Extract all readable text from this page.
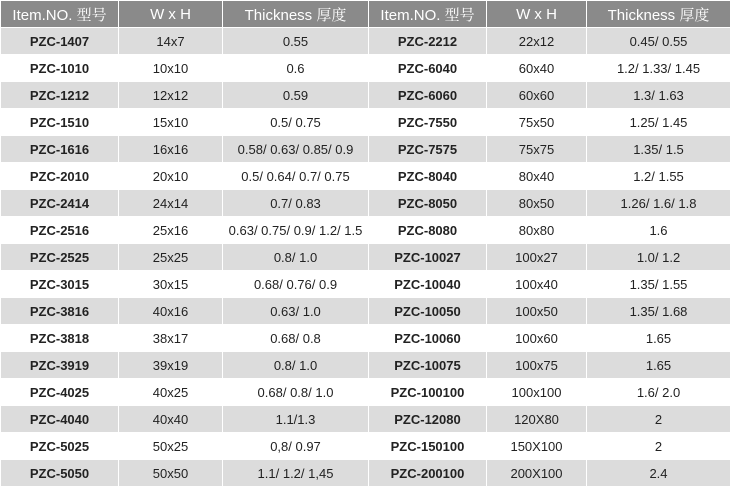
Item.NO. 型号	W x H	Thickness 厚度	Item.NO. 型号	W x H	Thickness 厚度
PZC-1407	14x7	0.55	PZC-2212	22x12	0.45/ 0.55
PZC-1010	10x10	0.6	PZC-6040	60x40	1.2/ 1.33/ 1.45
PZC-1212	12x12	0.59	PZC-6060	60x60	1.3/ 1.63
PZC-1510	15x10	0.5/ 0.75	PZC-7550	75x50	1.25/ 1.45
PZC-1616	16x16	0.58/ 0.63/ 0.85/ 0.9	PZC-7575	75x75	1.35/ 1.5
PZC-2010	20x10	0.5/ 0.64/ 0.7/ 0.75	PZC-8040	80x40	1.2/ 1.55
PZC-2414	24x14	0.7/ 0.83	PZC-8050	80x50	1.26/ 1.6/ 1.8
PZC-2516	25x16	0.63/ 0.75/ 0.9/ 1.2/ 1.5	PZC-8080	80x80	1.6
PZC-2525	25x25	0.8/ 1.0	PZC-10027	100x27	1.0/ 1.2
PZC-3015	30x15	0.68/ 0.76/ 0.9	PZC-10040	100x40	1.35/ 1.55
PZC-3816	40x16	0.63/ 1.0	PZC-10050	100x50	1.35/ 1.68
PZC-3818	38x17	0.68/ 0.8	PZC-10060	100x60	1.65
PZC-3919	39x19	0.8/ 1.0	PZC-10075	100x75	1.65
PZC-4025	40x25	0.68/ 0.8/ 1.0	PZC-100100	100x100	1.6/ 2.0
PZC-4040	40x40	1.1/1.3	PZC-12080	120X80	2
PZC-5025	50x25	0,8/ 0.97	PZC-150100	150X100	2
PZC-5050	50x50	1.1/ 1.2/ 1,45	PZC-200100	200X100	2.4
